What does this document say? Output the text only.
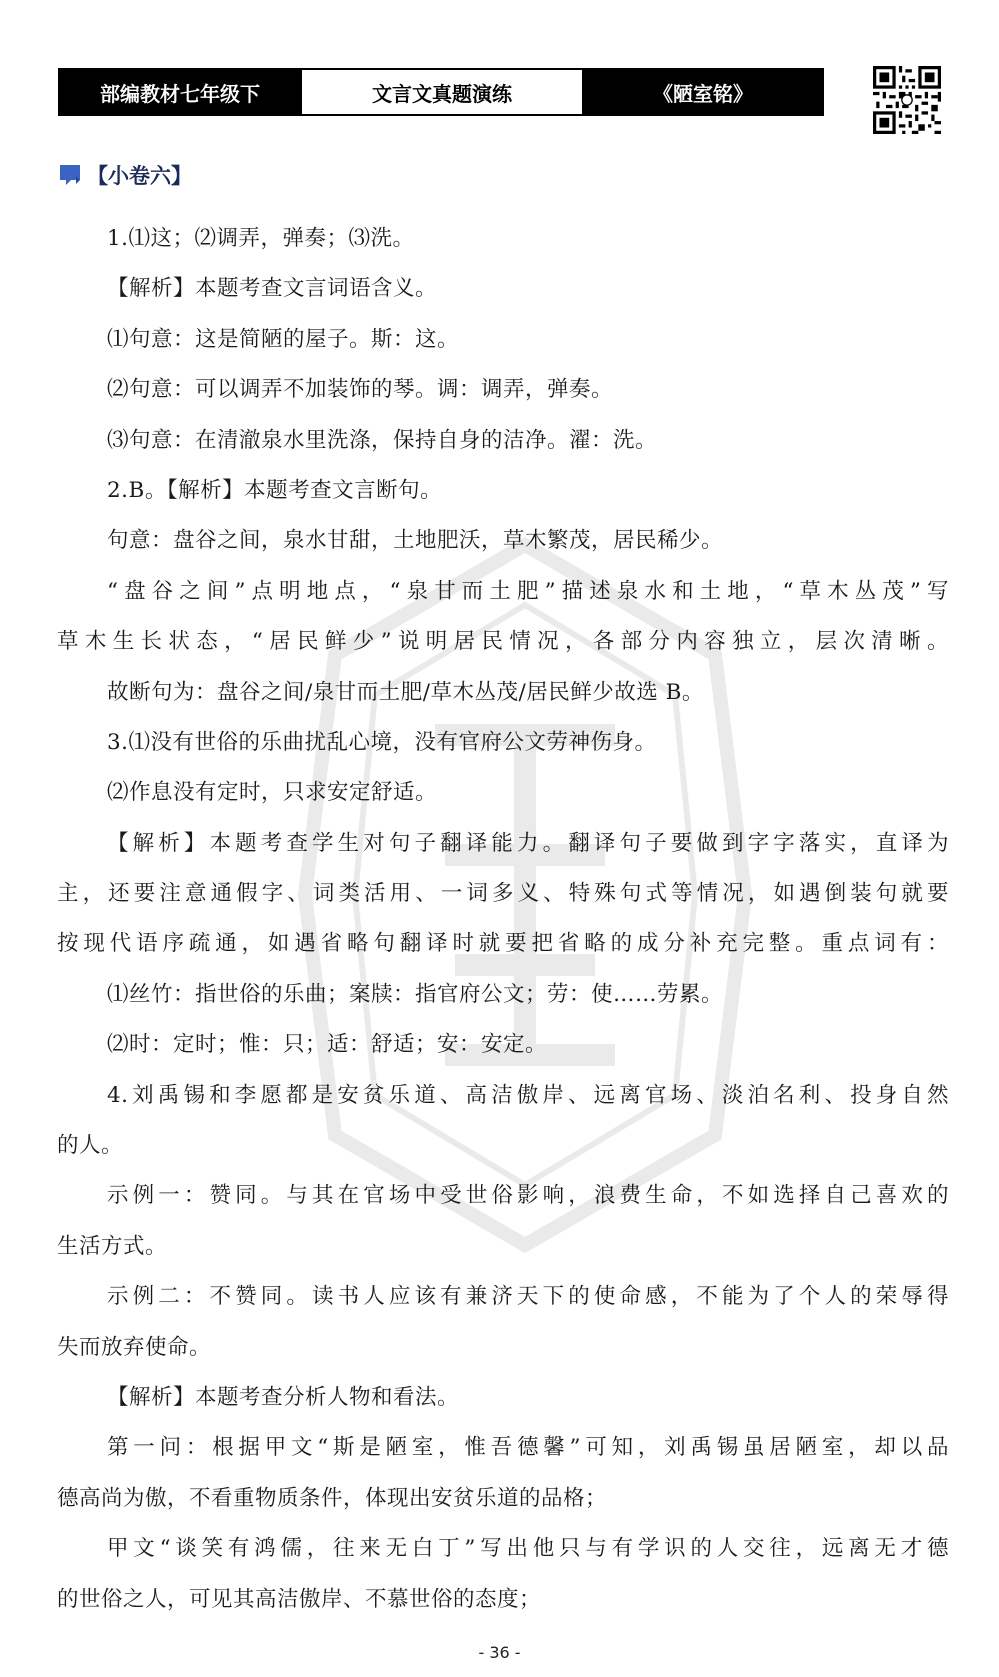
部编教材七年级下	文言文真题演练	《陋室铭》
【小卷六】
1.⑴这；⑵调弄，弹奏；⑶洗。
【解析】本题考查文言词语含义。
⑴句意：这是简陋的屋子。斯：这。
⑵句意：可以调弄不加装饰的琴。调：调弄，弹奏。
⑶句意：在清澈泉水里洗涤，保持自身的洁净。濯：洗。
2.B。【解析】本题考查文言断句。
句意：盘谷之间，泉水甘甜，土地肥沃，草木繁茂，居民稀少。
“盘谷之间”点明地点，“泉甘而土肥”描述泉水和土地，“草木丛茂”写
草木生长状态，“居民鲜少”说明居民情况，各部分内容独立，层次清晰。
故断句为：盘谷之间/泉甘而土肥/草木丛茂/居民鲜少故选 B。
3.⑴没有世俗的乐曲扰乱心境，没有官府公文劳神伤身。
⑵作息没有定时，只求安定舒适。
【解析】本题考查学生对句子翻译能力。翻译句子要做到字字落实，直译为
主，还要注意通假字、词类活用、一词多义、特殊句式等情况，如遇倒装句就要
按现代语序疏通，如遇省略句翻译时就要把省略的成分补充完整。重点词有：
⑴丝竹：指世俗的乐曲；案牍：指官府公文；劳：使……劳累。
⑵时：定时；惟：只；适：舒适；安：安定。
4.刘禹锡和李愿都是安贫乐道、高洁傲岸、远离官场、淡泊名利、投身自然
的人。
示例一：赞同。与其在官场中受世俗影响，浪费生命，不如选择自己喜欢的
生活方式。
示例二：不赞同。读书人应该有兼济天下的使命感，不能为了个人的荣辱得
失而放弃使命。
【解析】本题考查分析人物和看法。
第一问：根据甲文“斯是陋室，惟吾德馨”可知，刘禹锡虽居陋室，却以品
德高尚为傲，不看重物质条件，体现出安贫乐道的品格；
甲文“谈笑有鸿儒，往来无白丁”写出他只与有学识的人交往，远离无才德
的世俗之人，可见其高洁傲岸、不慕世俗的态度；
- 36 -
